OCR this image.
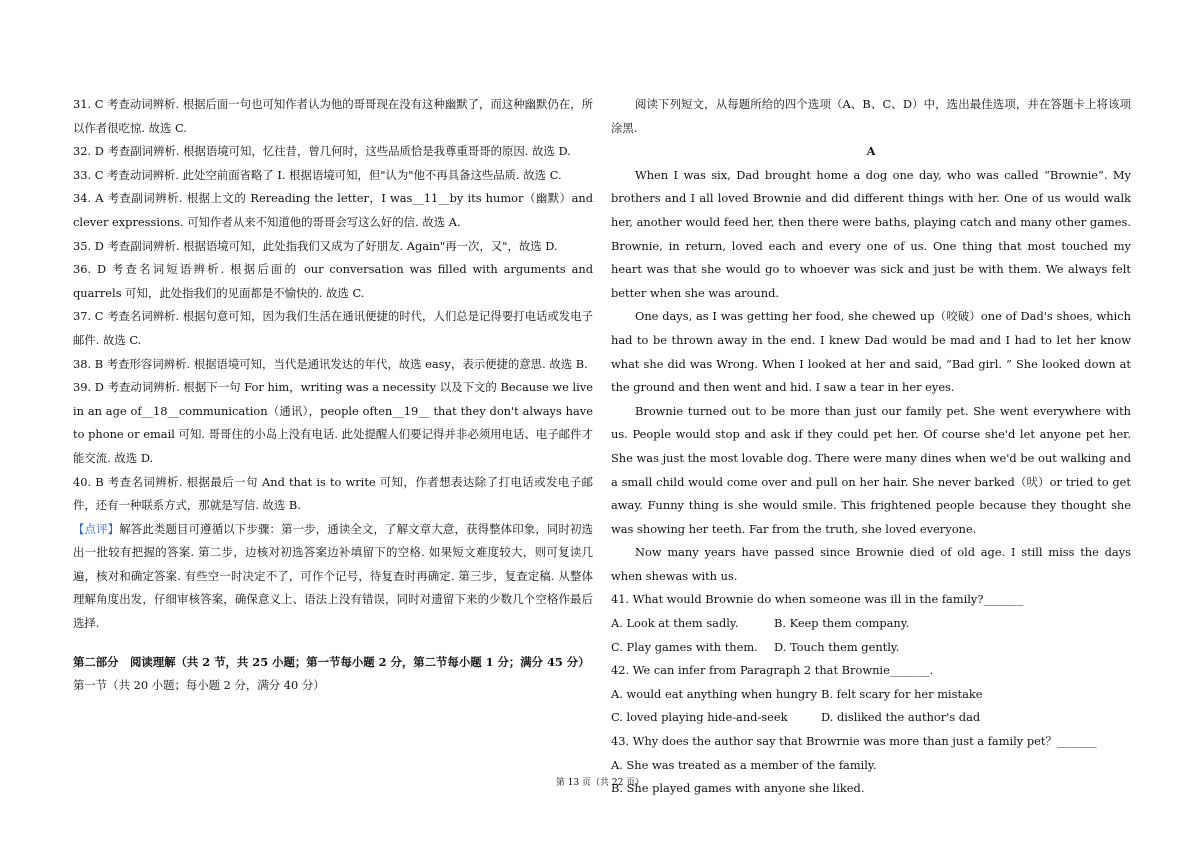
31. C 考查动词辨析. 根据后面一句也可知作者认为他的哥哥现在没有这种幽默了，而这种幽默仍在，所以作者很吃惊. 故选 C.

32. D 考查副词辨析. 根据语境可知，忆往昔，曾几何时，这些品质恰是我尊重哥哥的原因. 故选 D.

33. C 考查动词辨析. 此处空前面省略了 I. 根据语境可知，但"认为"他不再具备这些品质. 故选 C.

34. A 考查副词辨析. 根据上文的 Rereading the letter，I was__11__by its humor（幽默）and clever expressions. 可知作者从来不知道他的哥哥会写这么好的信. 故选 A.

35. D 考查副词辨析. 根据语境可知，此处指我们又成为了好朋友. Again"再一次，又"，故选 D.

36. D 考查名词短语辨析. 根据后面的 our conversation was filled with arguments and quarrels 可知，此处指我们的见面都是不愉快的. 故选 C.

37. C 考查名词辨析. 根据句意可知，因为我们生活在通讯便捷的时代，人们总是记得要打电话或发电子邮件. 故选 C.

38. B 考查形容词辨析. 根据语境可知，当代是通讯发达的年代，故选 easy，表示便捷的意思. 故选 B.

39. D 考查动词辨析. 根据下一句 For him，writing was a necessity 以及下文的 Because we live in an age of__18__communication（通讯），people often__19__ that they don't always have to phone or email 可知. 哥哥住的小岛上没有电话. 此处提醒人们要记得并非必须用电话、电子邮件才能交流. 故选 D.

40. B 考查名词辨析. 根据最后一句 And that is to write 可知，作者想表达除了打电话或发电子邮件，还有一种联系方式，那就是写信. 故选 B.

【点评】解答此类题目可遵循以下步骤：第一步，通读全文，了解文章大意，获得整体印象，同时初选出一批较有把握的答案. 第二步，边核对初选答案边补填留下的空格. 如果短文难度较大，则可复读几遍，核对和确定答案. 有些空一时决定不了，可作个记号，待复查时再确定. 第三步，复查定稿. 从整体理解角度出发，仔细审核答案，确保意义上、语法上没有错误，同时对遗留下来的少数几个空格作最后选择.

第二部分　阅读理解（共 2 节，共 25 小题；第一节每小题 2 分，第二节每小题 1 分；满分 45 分）

第一节（共 20 小题；每小题 2 分，满分 40 分）

阅读下列短文，从每题所给的四个选项（A、B、C、D）中，选出最佳选项，并在答题卡上将该项涂黑.

A

When I was six, Dad brought home a dog one day, who was called “Brownie”. My brothers and I all loved Brownie and did different things with her. One of us would walk her, another would feed her, then there were baths, playing catch and many other games. Brownie, in return, loved each and every one of us. One thing that most touched my heart was that she would go to whoever was sick and just be with them. We always felt better when she was around.

One days, as I was getting her food, she chewed up（咬破）one of Dad's shoes, which had to be thrown away in the end. I knew Dad would be mad and I had to let her know what she did was Wrong. When I looked at her and said, “Bad girl. ” She looked down at the ground and then went and hid. I saw a tear in her eyes.

Brownie turned out to be more than just our family pet. She went everywhere with us. People would stop and ask if they could pet her. Of course she'd let anyone pet her. She was just the most lovable dog. There were many dines when we'd be out walking and a small child would come over and pull on her hair. She never barked（吠）or tried to get away. Funny thing is she would smile. This frightened people because they thought she was showing her teeth. Far from the truth, she loved everyone.

Now many years have passed since Brownie died of old age. I still miss the days when shewas with us.

41. What would Brownie do when someone was ill in the family?_______

A. Look at them sadly.	B. Keep them company.
C. Play games with them.	D. Touch them gently.

42. We can infer from Paragraph 2 that Brownie_______.

A. would eat anything when hungry B. felt scary for her mistake
C. loved playing hide-and-seek	D. disliked the author's dad

43. Why does the author say that Browrnie was more than just a family pet？_______

A. She was treated as a member of the family.

B. She played games with anyone she liked.

第 13 页（共 22 页）
